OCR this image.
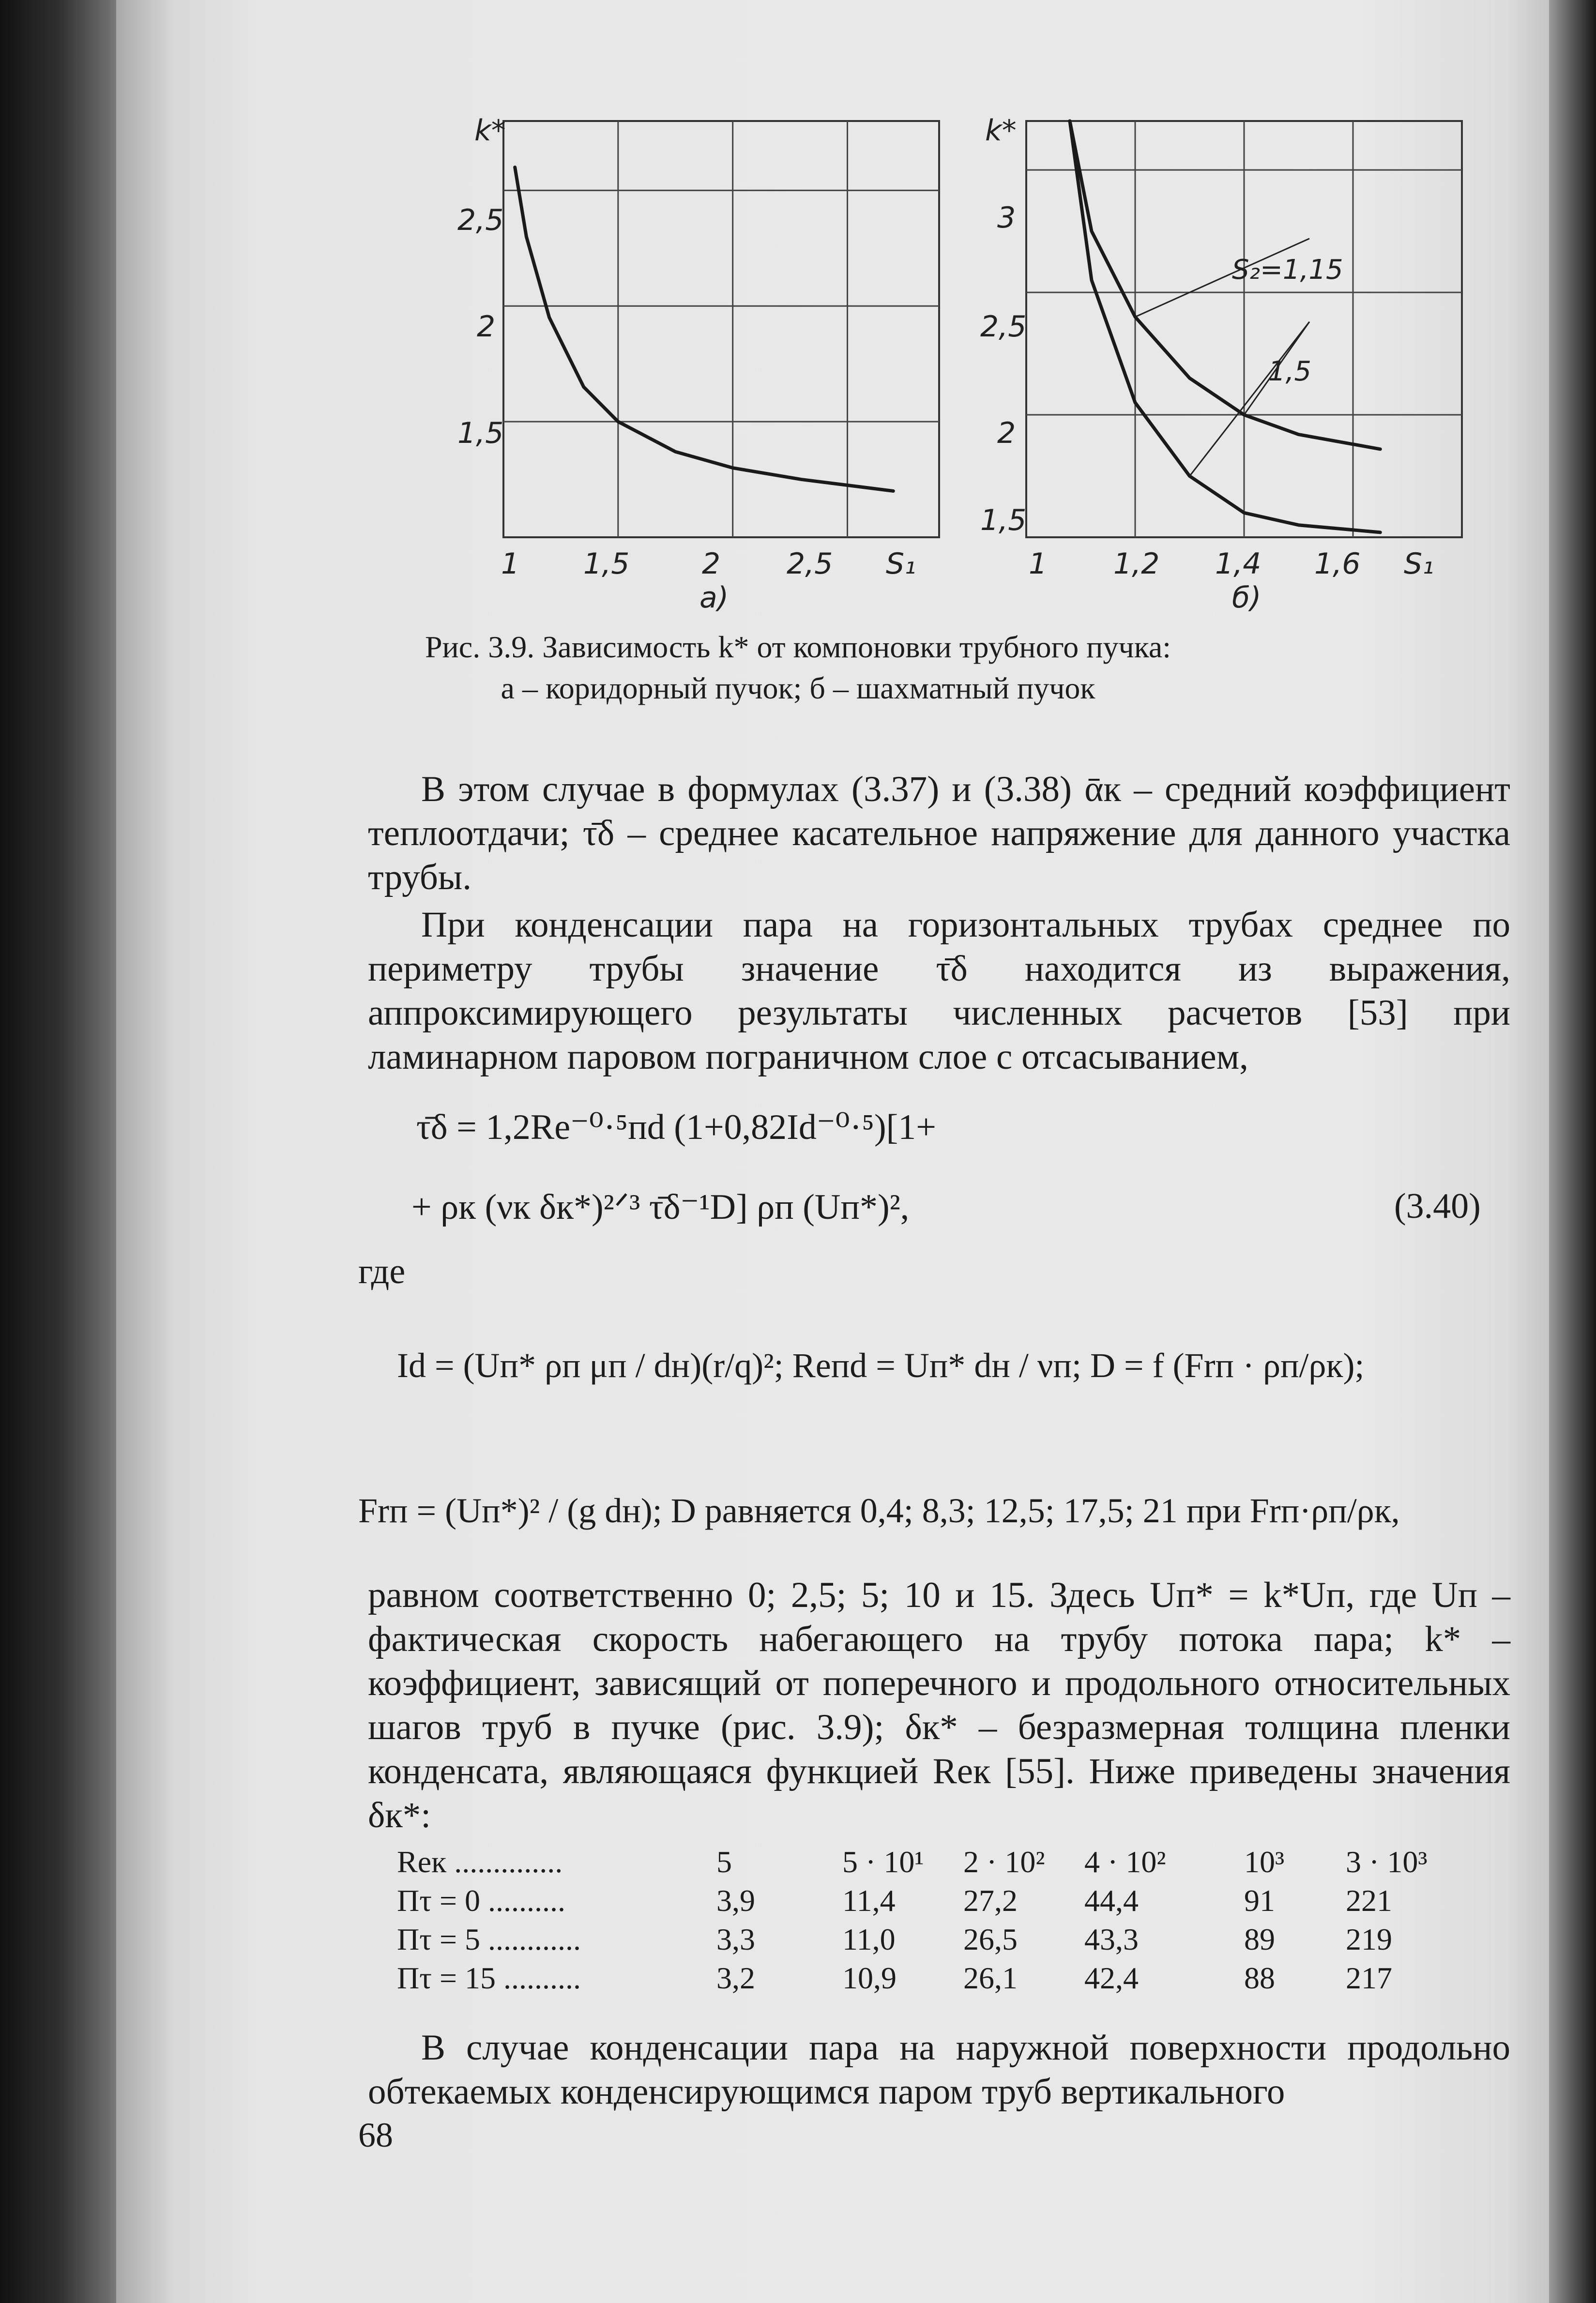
k*
2,5
2
1,5
1 1,5 2 2,5 S₁
а)
k*
3
2,5
2
1,5
1 1,2 1,4 1,6 S₁
б)
S₂=1,15
1,5
Рис. 3.9. Зависимость k* от компоновки трубного пучка:
а – коридорный пучок; б – шахматный пучок

В этом случае в формулах (3.37) и (3.38) ᾱк – средний коэффициент теплоотдачи; τ̄δ – среднее касательное напряжение для данного участка трубы.

При конденсации пара на горизонтальных трубах среднее по периметру трубы значение τ̄δ находится из выражения, аппроксимирующего результаты численных расчетов [53] при ламинарном паровом пограничном слое с отсасыванием,

τ̄δ = 1,2Re⁻⁰·⁵пd (1+0,82Id⁻⁰·⁵)[1+
+ ρк (νк δк*)²ᐟ³ τ̄δ⁻¹D] ρп (Uп*)²,	(3.40)
где
Id = (Uп* ρп μп / dн)(r/q)²; Reпd = Uп* dн / νп; D = f (Frп · ρп/ρк);
Frп = (Uп*)² / (g dн); D равняется 0,4; 8,3; 12,5; 17,5; 21 при Frп·ρп/ρк,

равном соответственно 0; 2,5; 5; 10 и 15. Здесь Uп* = k*Uп, где Uп – фактическая скорость набегающего на трубу потока пара; k* – коэффициент, зависящий от поперечного и продольного относительных шагов труб в пучке (рис. 3.9); δк* – безразмерная толщина пленки конденсата, являющаяся функцией Reк [55]. Ниже приведены значения δк*:

Reк ..............	5	5 · 10¹	2 · 10²	4 · 10²	10³	3 · 10³
Пτ = 0 ..........	3,9	11,4	27,2	44,4	91	221
Пτ = 5 ............	3,3	11,0	26,5	43,3	89	219
Пτ = 15 ..........	3,2	10,9	26,1	42,4	88	217

В случае конденсации пара на наружной поверхности продольно обтекаемых конденсирующимся паром труб вертикального

68
